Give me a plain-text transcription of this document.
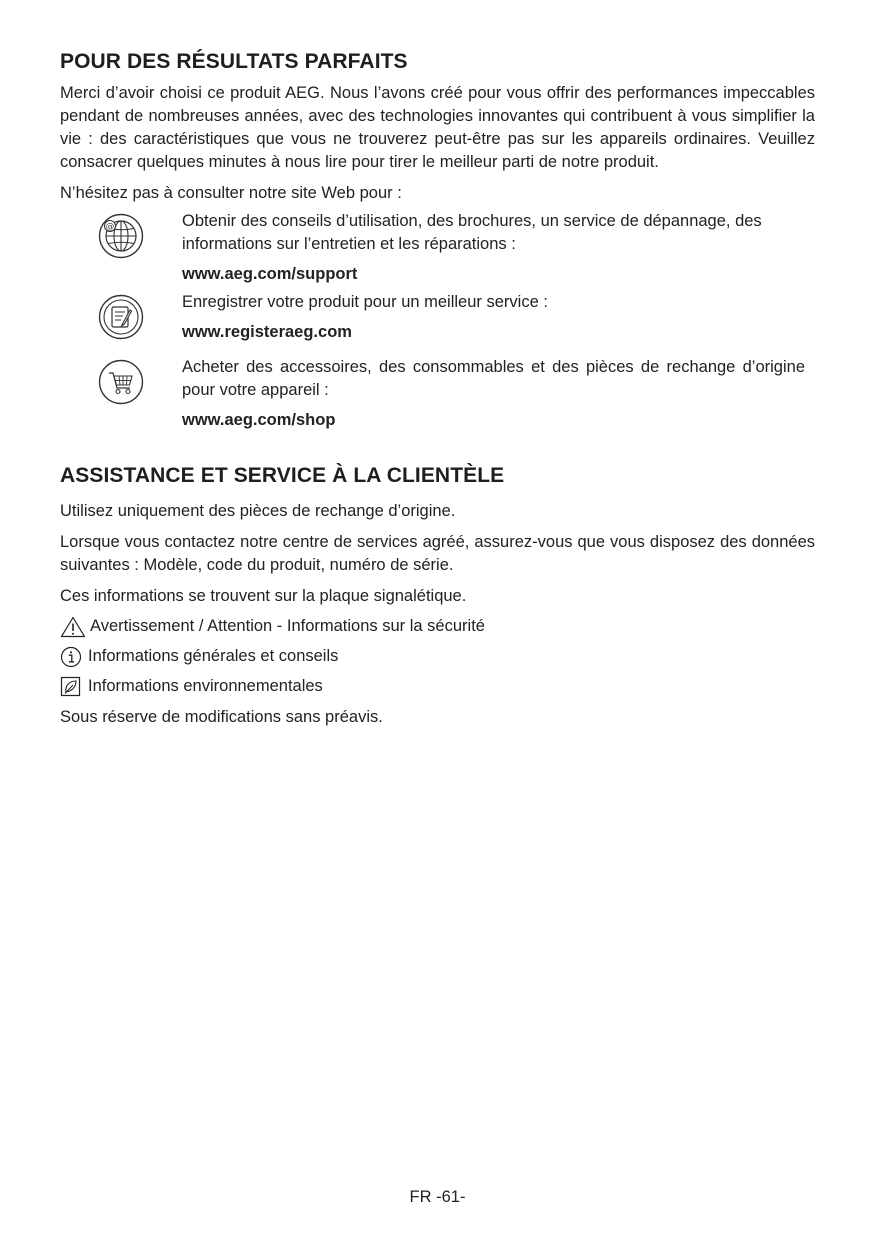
POUR DES RÉSULTATS PARFAITS

Merci d’avoir choisi ce produit AEG. Nous l’avons créé pour vous offrir des performances impeccables pendant de nombreuses années, avec des technologies innovantes qui contribuent à vous simplifier la vie : des caractéristiques que vous ne trouverez peut-être pas sur les appareils ordinaires. Veuillez consacrer quelques minutes à nous lire pour tirer le meilleur parti de notre produit.

N’hésitez pas à consulter notre site Web pour :

@	Obtenir des conseils d’utilisation, des brochures, un service de dépannage, des informations sur l’entretien et les réparations :

www.aeg.com/support

Enregistrer votre produit pour un meilleur service :

www.registeraeg.com

Acheter des accessoires, des consommables et des pièces de rechange d’origine pour votre appareil :

www.aeg.com/shop
ASSISTANCE ET SERVICE À LA CLIENTÈLE

Utilisez uniquement des pièces de rechange d’origine.

Lorsque vous contactez notre centre de services agréé, assurez-vous que vous disposez des données suivantes : Modèle, code du produit, numéro de série.

Ces informations se trouvent sur la plaque signalétique.

Avertissement / Attention - Informations sur la sécurité
Informations générales et conseils
Informations environnementales

Sous réserve de modifications sans préavis.

FR -61-
